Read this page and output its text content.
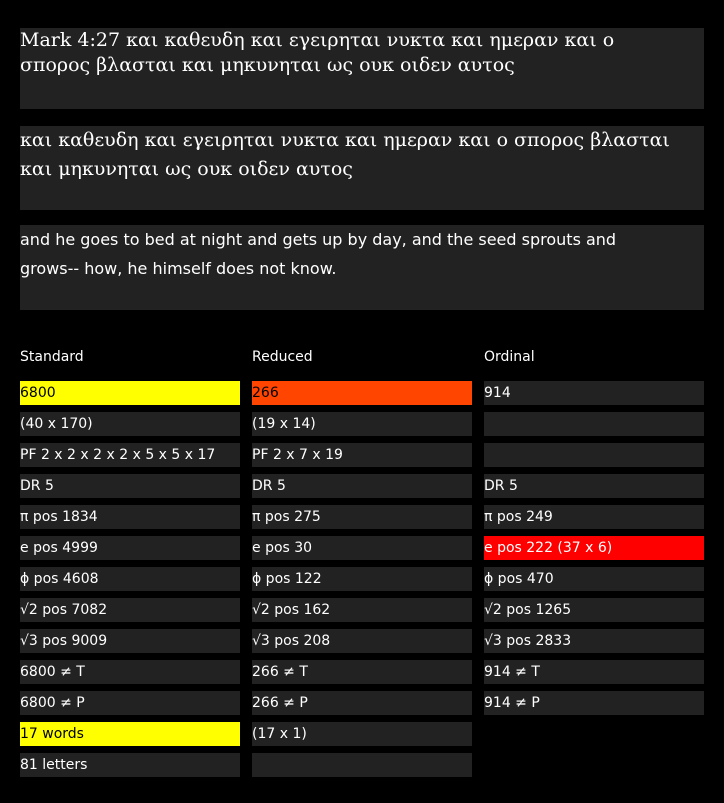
Mark 4:27 και καθευδη και εγειρηται νυκτα και ημεραν και ο
σπορος βλασται και μηκυνηται ως ουκ οιδεν αυτος
και καθευδη και εγειρηται νυκτα και ημεραν και ο σπορος βλασται
και μηκυνηται ως ουκ οιδεν αυτος
and he goes to bed at night and gets up by day, and the seed sprouts and
grows-- how, he himself does not know.
Standard
6800
(40 x 170)
PF 2 x 2 x 2 x 2 x 5 x 5 x 17
DR 5
π pos 1834
e pos 4999
ϕ pos 4608
√2 pos 7082
√3 pos 9009
6800 ≠ T
6800 ≠ P
17 words
81 letters
Reduced
266
(19 x 14)
PF 2 x 7 x 19
DR 5
π pos 275
e pos 30
ϕ pos 122
√2 pos 162
√3 pos 208
266 ≠ T
266 ≠ P
(17 x 1)
Ordinal
914
DR 5
π pos 249
e pos 222 (37 x 6)
ϕ pos 470
√2 pos 1265
√3 pos 2833
914 ≠ T
914 ≠ P
